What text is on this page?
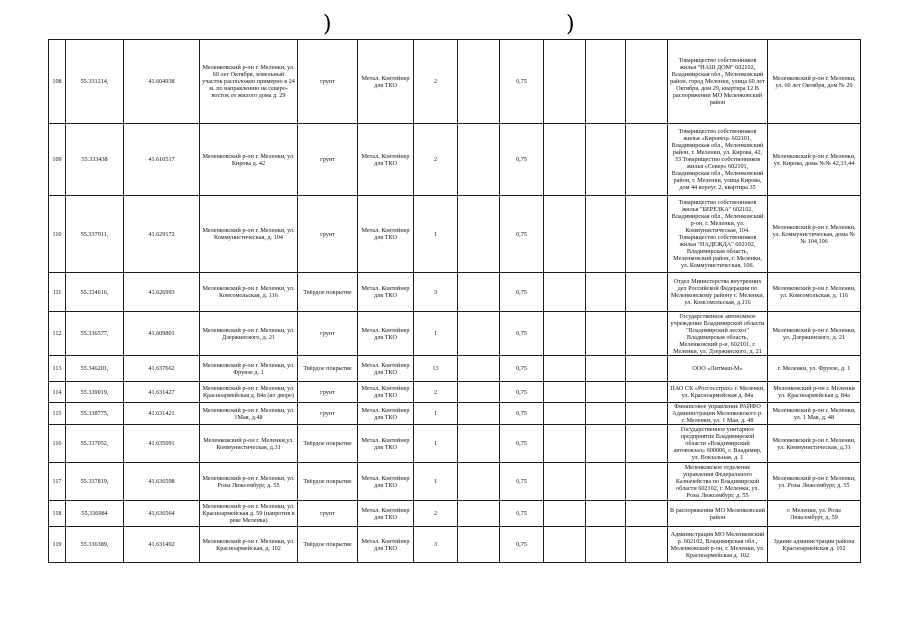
)	)
108	55.331214,	41.604938	Меленковский р-он г. Меленки, ул. 60 лет Октября, земельный участок расположен примерно в 24 м. по направлению на северо-восток от жилого дома д. 29	грунт	Метал. Контейнер для ТКО	2		0,75				Товарищество собственников жилья "НАШ ДОМ" 602102, Владимирская обл., Меленковский район, город Меленки, улица 60 лет Октября, дом 29, квартира 12 В распоряжении МО Меленковский район	Меленковский р-он г. Меленки, ул. 60 лет Октября, дом № 29
109	55.333438	41.610517	Меленковский р-он г. Меленки, ул. Кирова д. 42	грунт	Метал. Контейнер для ТКО	2		0,75				Товарищество собственников жилья «Кировец» 602101, Владимирская обл., Меленковский район, г. Меленки, ул. Кирова, 42, 33 Товарищество собственников жилья «Север» 602101, Владимирская обл., Меленковский район, г. Меленки, улица Кирова, дом 44 корпус 2, квартира 35	Меленковский р-он г. Меленки, ул. Кирова, дома №№ 42,33,44
110	55.337911,	41.629172	Меленковский р-он г. Меленки, ул. Коммунистическая, д. 104	грунт	Метал. Контейнер для ТКО	1		0,75				Товарищество собственников жилья "БЕРЕЗКА" 602102, Владимирская обл., Меленковский р-он, г. Меленки, ул. Коммунистическая, 104. Товарищество собственников жилья "НАДЕЖДА" 602102, Владимирская область, Меленковский район, г. Меленки, ул. Коммунистическая, 106.	Меленковский р-он г. Меленки, ул. Коммунистическая, дома №№ 104,106
111	55.334616,	41.626993	Меленковский р-он г. Меленки, ул. Комсомольская, д. 116	Твёрдое покрытие	Метал. Контейнер для ТКО	3		0,75				Отдел Министерства внутренних дел Российской Федерации по Меленковскому району г. Меленки, ул. Комсомольская, д.116	Меленковский р-он г. Меленки, ул. Комсомольская, д. 116
112	55.336577,	41.609801	Меленковский р-он г. Меленки, ул. Дзержинского, д. 21	грунт	Метал. Контейнер для ТКО	1		0,75				Государственное автономное учреждение Владимирской области "Владимирский лесхоз" Владимирская область, Меленковский р-н, 602101, г. Меленки, ул. Дзержинского, д. 21	Меленковский р-он г. Меленки, ул. Дзержинского, д. 21
113	55.346201,	41.637662	Меленковский р-он г. Меленки, ул. Фрунзе д. 1	Твёрдое покрытие	Метал. Контейнер для ТКО	13		0,75				ООО «Литмаш-М»	г. Меленки, ул. Фрунзе, д. 1
114	55.339019,	41.631427	Меленковский р-он г. Меленки, ул. Красноармейская д. 84а (во дворе)	грунт	Метал. Контейнер для ТКО	2		0,75				ПАО СК «Росгосстрах» г. Меленки, ул. Красноармейская д. 84а	Меленковский р-он г. Меленки ул. Красноармейская д. 84а
115	55.338775,	41.631421	Меленковский р-он г. Меленки, ул. 1Мая, д.48	грунт	Метал. Контейнер для ТКО	1		0,75				Финансовое управление РАЙФО Администрации Меленковского р. г. Меленки, ул. 1 Мая, д. 48	Меленковский р-он г. Меленки, ул. 1 Мая, д. 48
116	55.337052,	41.635091	Меленковский р-он г. Меленки,ул. Коммунистическая, д.31	Твёрдое покрытие	Метал. Контейнер для ТКО	1		0,75				Государственное унитарное предприятие Владимирской области «Владимирский автовокзал» 600006, г. Владимир, ул. Вокзальная, д. 1	Меленковский р-он г. Меленки, ул. Коммунистическая, д.31
117	55.337819,	41.636598	Меленковский р-он г. Меленки, ул. Розы Люксембург, д. 55	Твёрдое покрытие	Метал. Контейнер для ТКО	1		0,75				Меленковское отделение управления Федерального Казначейства по Владимирской области 602102, г. Меленки, ул. Розы Люксембург, д. 55	Меленковский р-он г. Меленки, ул. Розы Люксембург, д. 55
118	55,336984	41,636564	Меленковский р-он г. Меленки, ул. Красноармейская д. 59 (напротив в реке Меленка)	грунт	Метал. Контейнер для ТКО	2		0,75				В распоряжении МО Меленковский район	г. Меленки, ул. Розы Люксембург, д. 59
119	55.336389,	41.631492	Меленковский р-он г. Меленки, ул. Красноармейская, д. 102	Твёрдое покрытие	Метал. Контейнер для ТКО	3		0,75				Администрация МО Меленковский р. 602102, Владимирская обл., Меленковский р-он, г. Меленки, ул. Красноармейская д. 102	Здание администрации района Красноармейская д. 102
